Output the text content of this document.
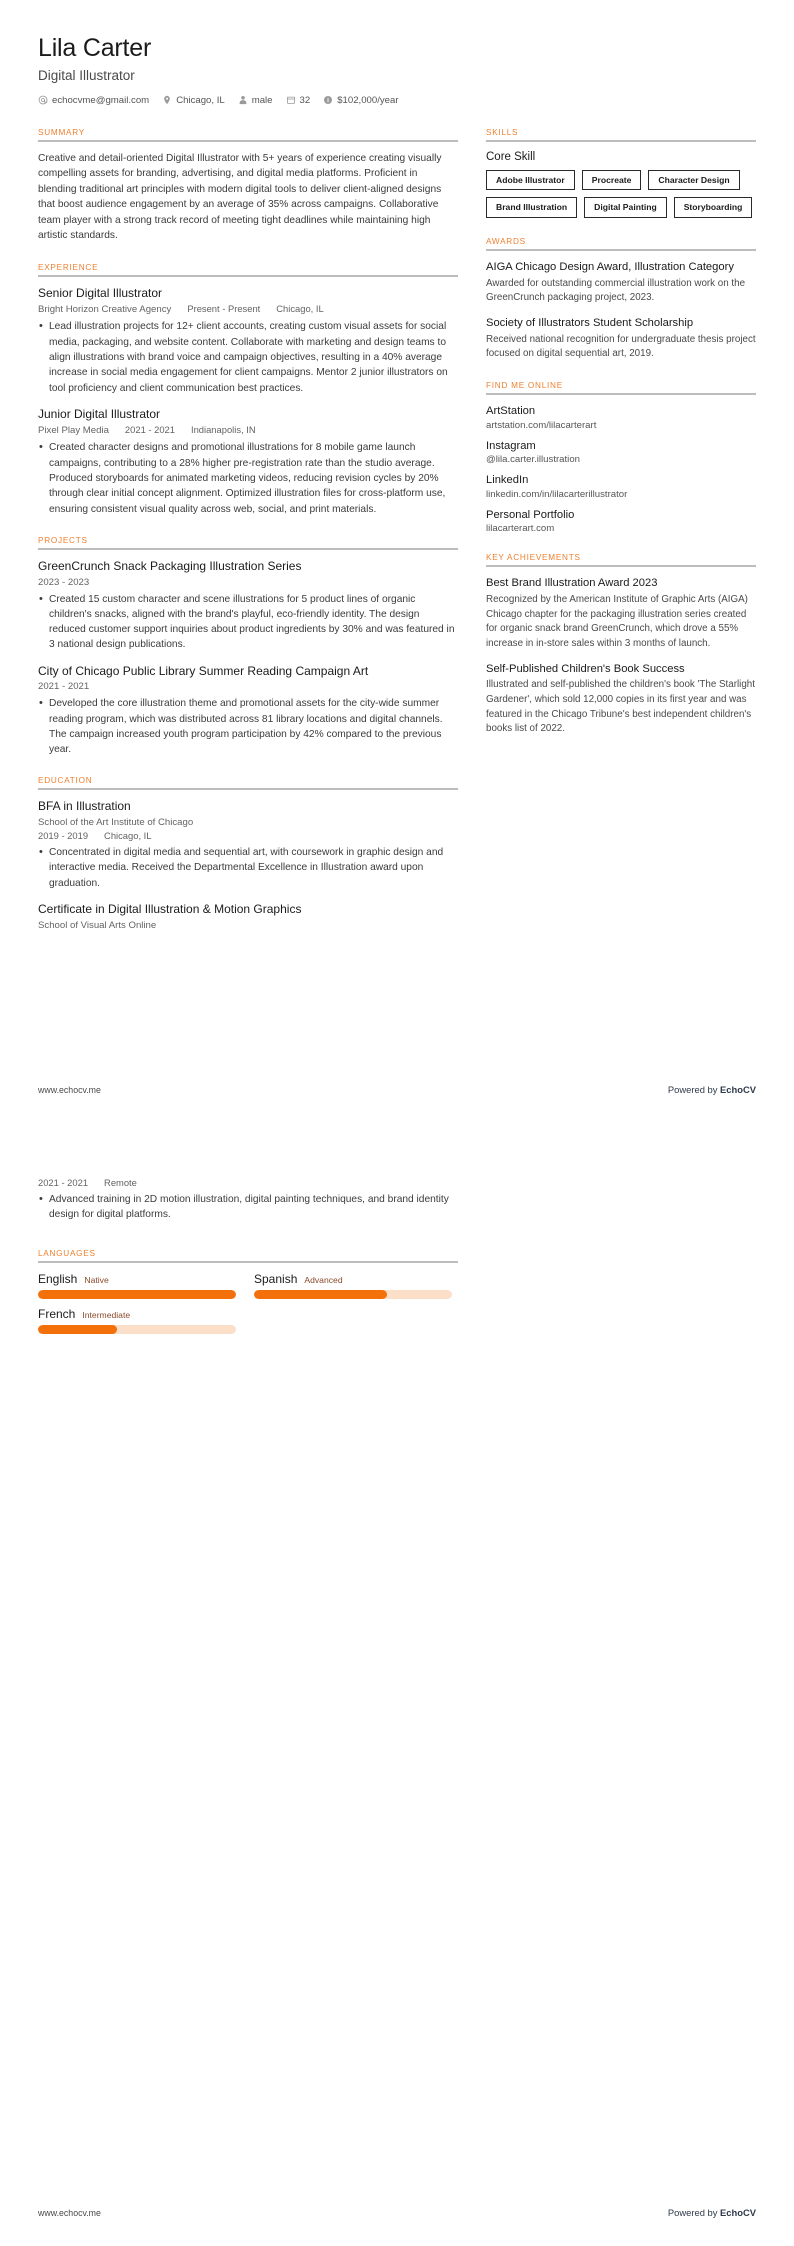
Lila Carter
Digital Illustrator
echocvme@gmail.com	Chicago, IL	male	32	$102,000/year
SUMMARY
Creative and detail-oriented Digital Illustrator with 5+ years of experience creating visually compelling assets for branding, advertising, and digital media platforms. Proficient in blending traditional art principles with modern digital tools to deliver client-aligned designs that boost audience engagement by an average of 35% across campaigns. Collaborative team player with a strong track record of meeting tight deadlines while maintaining high artistic standards.
EXPERIENCE
Senior Digital Illustrator
Bright Horizon Creative Agency Present - Present Chicago, IL
• Lead illustration projects for 12+ client accounts, creating custom visual assets for social media, packaging, and website content. Collaborate with marketing and design teams to align illustrations with brand voice and campaign objectives, resulting in a 40% average increase in social media engagement for client campaigns. Mentor 2 junior illustrators on tool proficiency and client communication best practices.
Junior Digital Illustrator
Pixel Play Media 2021 - 2021 Indianapolis, IN
• Created character designs and promotional illustrations for 8 mobile game launch campaigns, contributing to a 28% higher pre-registration rate than the studio average. Produced storyboards for animated marketing videos, reducing revision cycles by 20% through clear initial concept alignment. Optimized illustration files for cross-platform use, ensuring consistent visual quality across web, social, and print materials.
PROJECTS
GreenCrunch Snack Packaging Illustration Series
2023 - 2023
• Created 15 custom character and scene illustrations for 5 product lines of organic children's snacks, aligned with the brand's playful, eco-friendly identity. The design reduced customer support inquiries about product ingredients by 30% and was featured in 3 national design publications.
City of Chicago Public Library Summer Reading Campaign Art
2021 - 2021
• Developed the core illustration theme and promotional assets for the city-wide summer reading program, which was distributed across 81 library locations and digital channels. The campaign increased youth program participation by 42% compared to the previous year.
EDUCATION
BFA in Illustration
School of the Art Institute of Chicago
2019 - 2019 Chicago, IL
• Concentrated in digital media and sequential art, with coursework in graphic design and interactive media. Received the Departmental Excellence in Illustration award upon graduation.
Certificate in Digital Illustration & Motion Graphics
School of Visual Arts Online
SKILLS
Core Skill
Adobe Illustrator	Procreate	Character Design
Brand Illustration	Digital Painting	Storyboarding
AWARDS
AIGA Chicago Design Award, Illustration Category
Awarded for outstanding commercial illustration work on the GreenCrunch packaging project, 2023.
Society of Illustrators Student Scholarship
Received national recognition for undergraduate thesis project focused on digital sequential art, 2019.
FIND ME ONLINE
ArtStation
artstation.com/lilacarterart
Instagram
@lila.carter.illustration
LinkedIn
linkedin.com/in/lilacarterillustrator
Personal Portfolio
lilacarterart.com
KEY ACHIEVEMENTS
Best Brand Illustration Award 2023
Recognized by the American Institute of Graphic Arts (AIGA) Chicago chapter for the packaging illustration series created for organic snack brand GreenCrunch, which drove a 55% increase in in-store sales within 3 months of launch.
Self-Published Children's Book Success
Illustrated and self-published the children's book 'The Starlight Gardener', which sold 12,000 copies in its first year and was featured in the Chicago Tribune's best independent children's books list of 2022.
www.echocv.me	Powered by EchoCV
2021 - 2021 Remote
• Advanced training in 2D motion illustration, digital painting techniques, and brand identity design for digital platforms.
LANGUAGES
English Native	Spanish Advanced
French Intermediate
www.echocv.me	Powered by EchoCV
